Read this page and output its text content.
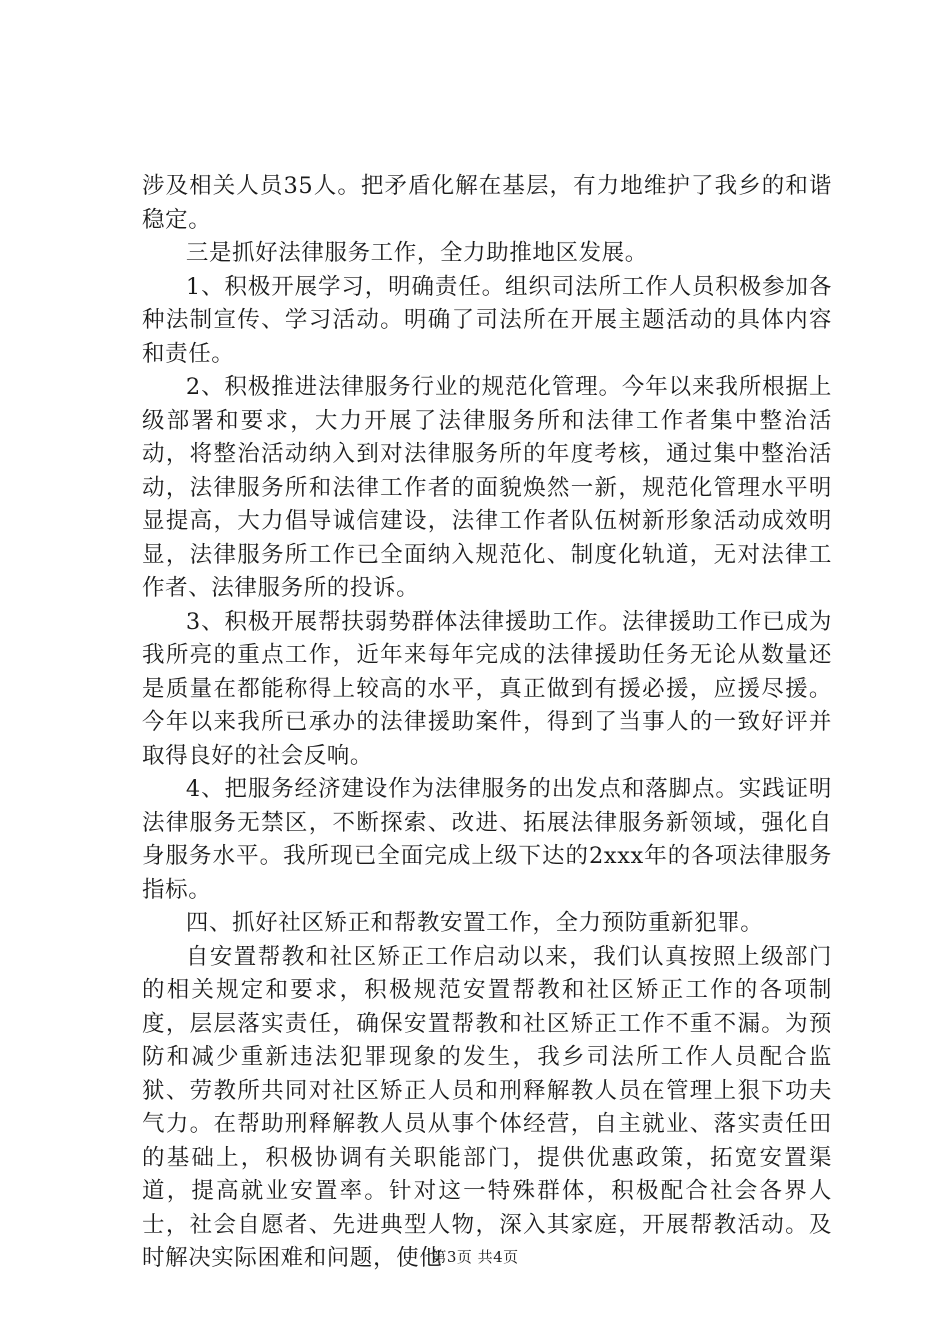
涉及相关人员35人。把矛盾化解在基层，有力地维护了我乡的和谐稳定。

三是抓好法律服务工作，全力助推地区发展。

1、积极开展学习，明确责任。组织司法所工作人员积极参加各种法制宣传、学习活动。明确了司法所在开展主题活动的具体内容和责任。

2、积极推进法律服务行业的规范化管理。今年以来我所根据上级部署和要求，大力开展了法律服务所和法律工作者集中整治活动，将整治活动纳入到对法律服务所的年度考核，通过集中整治活动，法律服务所和法律工作者的面貌焕然一新，规范化管理水平明显提高，大力倡导诚信建设，法律工作者队伍树新形象活动成效明显，法律服务所工作已全面纳入规范化、制度化轨道，无对法律工作者、法律服务所的投诉。

3、积极开展帮扶弱势群体法律援助工作。法律援助工作已成为我所亮的重点工作，近年来每年完成的法律援助任务无论从数量还是质量在都能称得上较高的水平，真正做到有援必援，应援尽援。今年以来我所已承办的法律援助案件，得到了当事人的一致好评并取得良好的社会反响。

4、把服务经济建设作为法律服务的出发点和落脚点。实践证明法律服务无禁区，不断探索、改进、拓展法律服务新领域，强化自身服务水平。我所现已全面完成上级下达的2xxx年的各项法律服务指标。

四、抓好社区矫正和帮教安置工作，全力预防重新犯罪。

自安置帮教和社区矫正工作启动以来，我们认真按照上级部门的相关规定和要求，积极规范安置帮教和社区矫正工作的各项制度，层层落实责任，确保安置帮教和社区矫正工作不重不漏。为预防和减少重新违法犯罪现象的发生，我乡司法所工作人员配合监狱、劳教所共同对社区矫正人员和刑释解教人员在管理上狠下功夫气力。在帮助刑释解教人员从事个体经营，自主就业、落实责任田的基础上，积极协调有关职能部门，提供优惠政策，拓宽安置渠道，提高就业安置率。针对这一特殊群体，积极配合社会各界人士，社会自愿者、先进典型人物，深入其家庭，开展帮教活动。及时解决实际困难和问题，使他

第3页 共4页
